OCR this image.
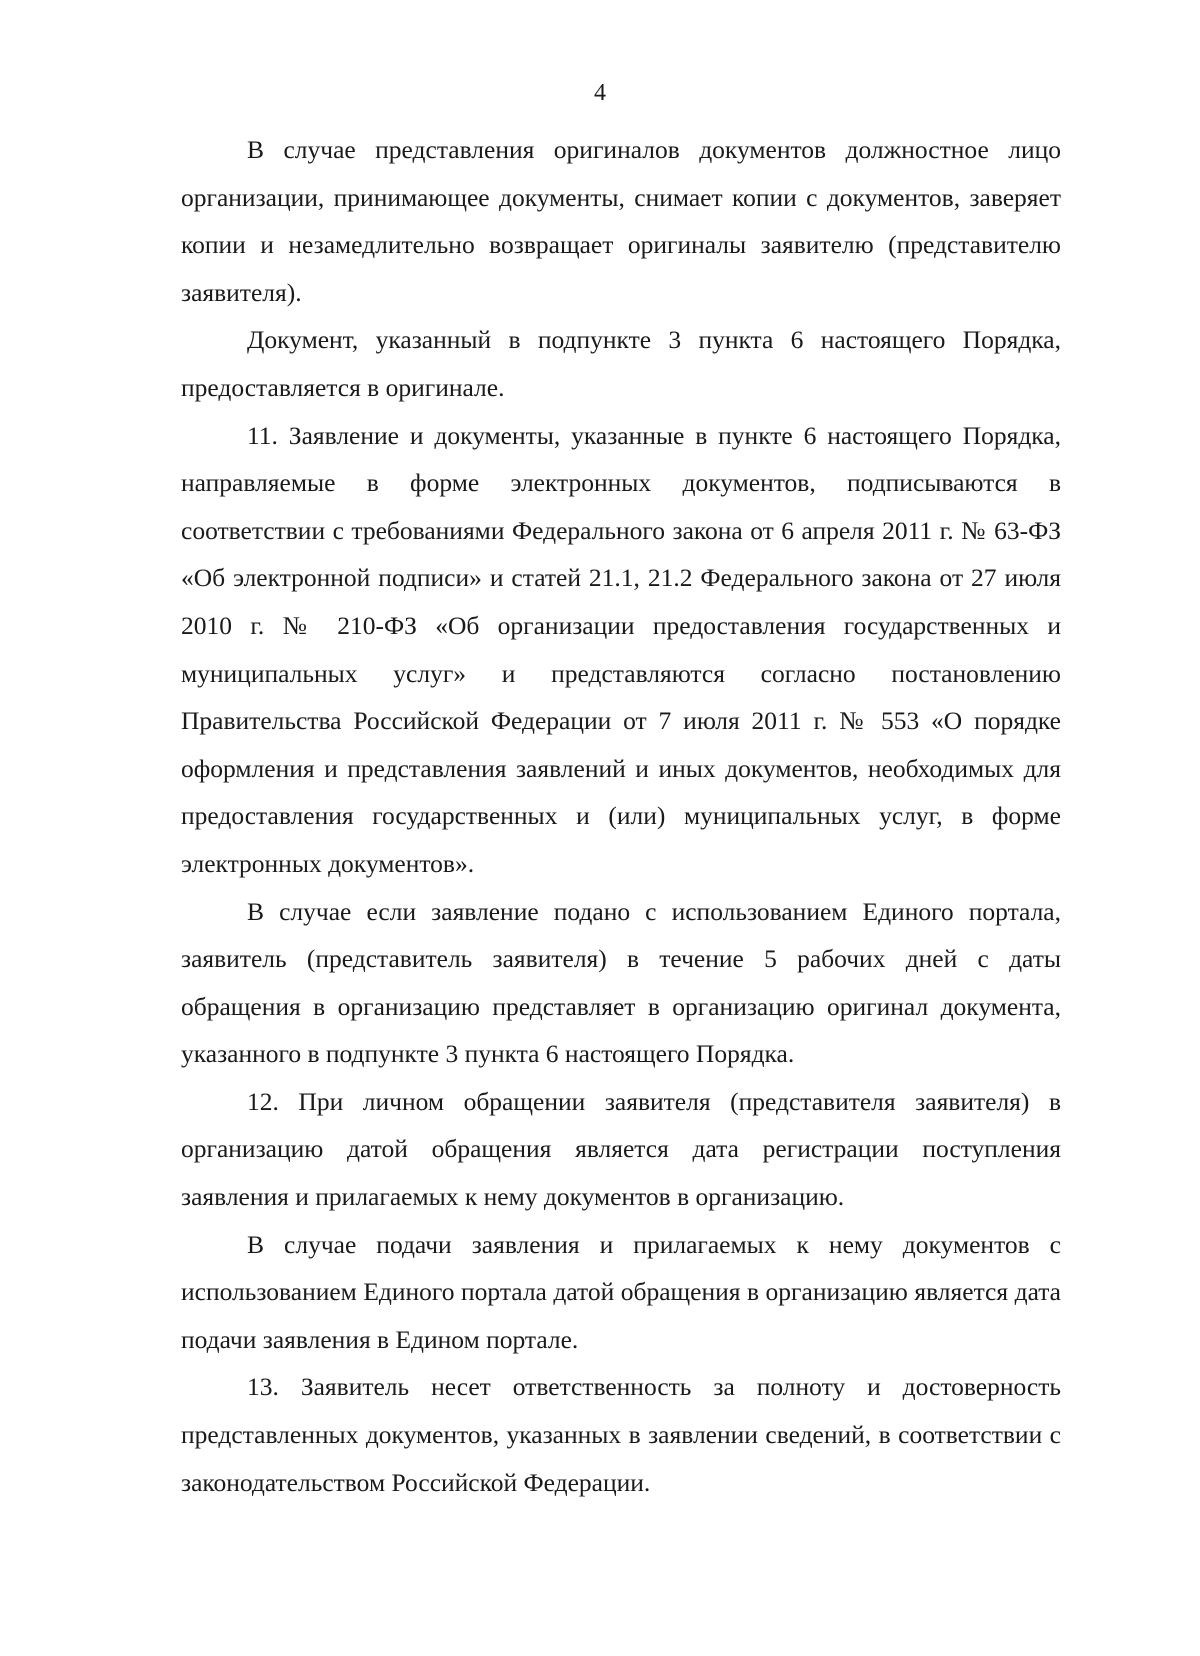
4

В случае представления оригиналов документов должностное лицо организации, принимающее документы, снимает копии с документов, заверяет копии и незамедлительно возвращает оригиналы заявителю (представителю заявителя).

Документ, указанный в подпункте 3 пункта 6 настоящего Порядка, предоставляется в оригинале.

11. Заявление и документы, указанные в пункте 6 настоящего Порядка, направляемые в форме электронных документов, подписываются в соответствии с требованиями Федерального закона от 6 апреля 2011 г. № 63-ФЗ «Об электронной подписи» и статей 21.1, 21.2 Федерального закона от 27 июля 2010 г. № 210-ФЗ «Об организации предоставления государственных и муниципальных услуг» и представляются согласно постановлению Правительства Российской Федерации от 7 июля 2011 г. № 553 «О порядке оформления и представления заявлений и иных документов, необходимых для предоставления государственных и (или) муниципальных услуг, в форме электронных документов».

В случае если заявление подано с использованием Единого портала, заявитель (представитель заявителя) в течение 5 рабочих дней с даты обращения в организацию представляет в организацию оригинал документа, указанного в подпункте 3 пункта 6 настоящего Порядка.

12. При личном обращении заявителя (представителя заявителя) в организацию датой обращения является дата регистрации поступления заявления и прилагаемых к нему документов в организацию.

В случае подачи заявления и прилагаемых к нему документов с использованием Единого портала датой обращения в организацию является дата подачи заявления в Едином портале.

13. Заявитель несет ответственность за полноту и достоверность представленных документов, указанных в заявлении сведений, в соответствии с законодательством Российской Федерации.
